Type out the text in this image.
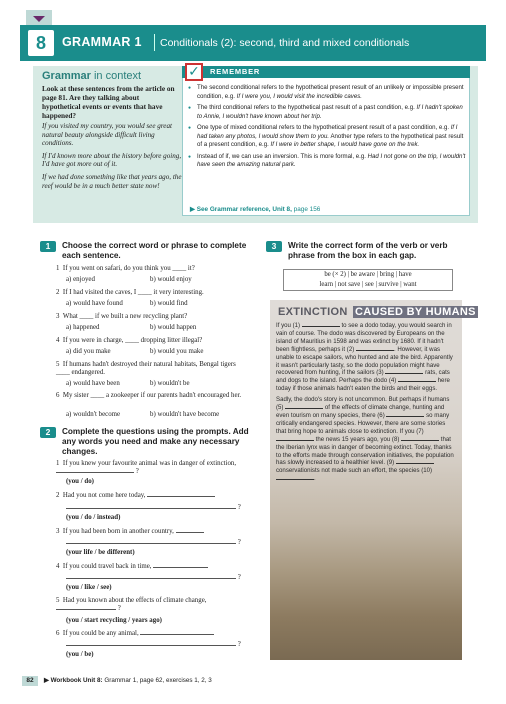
8	GRAMMAR 1 Conditionals (2): second, third and mixed conditionals
Grammar in context
Look at these sentences from the article on page 81. Are they talking about hypothetical events or events that have happened?

If you visited my country, you would see great natural beauty alongside difficult living conditions.

If I'd known more about the history before going, I'd have got more out of it.

If we had done something like that years ago, the reef would be in a much better state now!

REMEMBER
✓
● The second conditional refers to the hypothetical present result of an unlikely or impossible present condition, e.g. If I were you, I would visit the incredible caves.
● The third conditional refers to the hypothetical past result of a past condition, e.g. If I hadn't spoken to Annie, I wouldn't have known about her trip.
● One type of mixed conditional refers to the hypothetical present result of a past condition, e.g. If I had taken any photos, I would show them to you. Another type refers to the hypothetical past result of a present condition, e.g. If I were in better shape, I would have gone on the trek.
● Instead of if, we can use an inversion. This is more formal, e.g. Had I not gone on the trip, I wouldn't have seen the amazing natural park.
▶ See Grammar reference, Unit 8, page 156
1	Choose the correct word or phrase to complete each sentence.
1 If you went on safari, do you think you ____ it?
a) enjoyed	b) would enjoy
2 If I had visited the caves, I ____ it very interesting.
a) would have found	b) would find
3 What ____ if we built a new recycling plant?
a) happened	b) would happen
4 If you were in charge, ____ dropping litter illegal?
a) did you make	b) would you make
5 If humans hadn't destroyed their natural habitats, Bengal tigers ____ endangered.
a) would have been	b) wouldn't be
6 My sister ____ a zookeeper if our parents hadn't encouraged her.
a) wouldn't become	b) wouldn't have become
2	Complete the questions using the prompts. Add any words you need and make any necessary changes.
1 If you knew your favourite animal was in danger of extinction,  ?
(you / do)
2 Had you not come here today,
?
(you / do / instead)
3 If you had been born in another country,
?
(your life / be different)
4 If you could travel back in time,
?
(you / like / see)
5 Had you known about the effects of climate change,  ?
(you / start recycling / years ago)
6 If you could be any animal,
?
(you / be)
3	Write the correct form of the verb or verb phrase from the box in each gap.
be (× 2) | be aware | bring | have
learn | not save | see | survive | want
EXTINCTION CAUSED BY HUMANS

If you (1)	to see a dodo today, you would search in vain of course. The dodo was discovered by Europeans on the island of Mauritius in 1598 and was extinct by 1680. If it hadn't been flightless, perhaps it (2)	. However, it was unable to escape sailors, who hunted and ate the bird. Apparently it wasn't particularly tasty, so the dodo population might have recovered from hunting, if the sailors (3)	rats, cats and dogs to the island. Perhaps the dodo (4)	here today if those animals hadn't eaten the birds and their eggs.

Sadly, the dodo's story is not uncommon. But perhaps if humans (5)	of the effects of climate change, hunting and even tourism on many species, there (6)	so many critically endangered species. However, there are some stories that bring hope to animals close to extinction. If you (7)  the news 15 years ago, you (8)	that the Iberian lynx was in danger of becoming extinct. Today, thanks to the efforts made through conservation initiatives, the population has slowly increased to a healthier level. (9)  conservationists not made such an effort, the species (10) .

82	▶ Workbook Unit 8: Grammar 1, page 62, exercises 1, 2, 3
